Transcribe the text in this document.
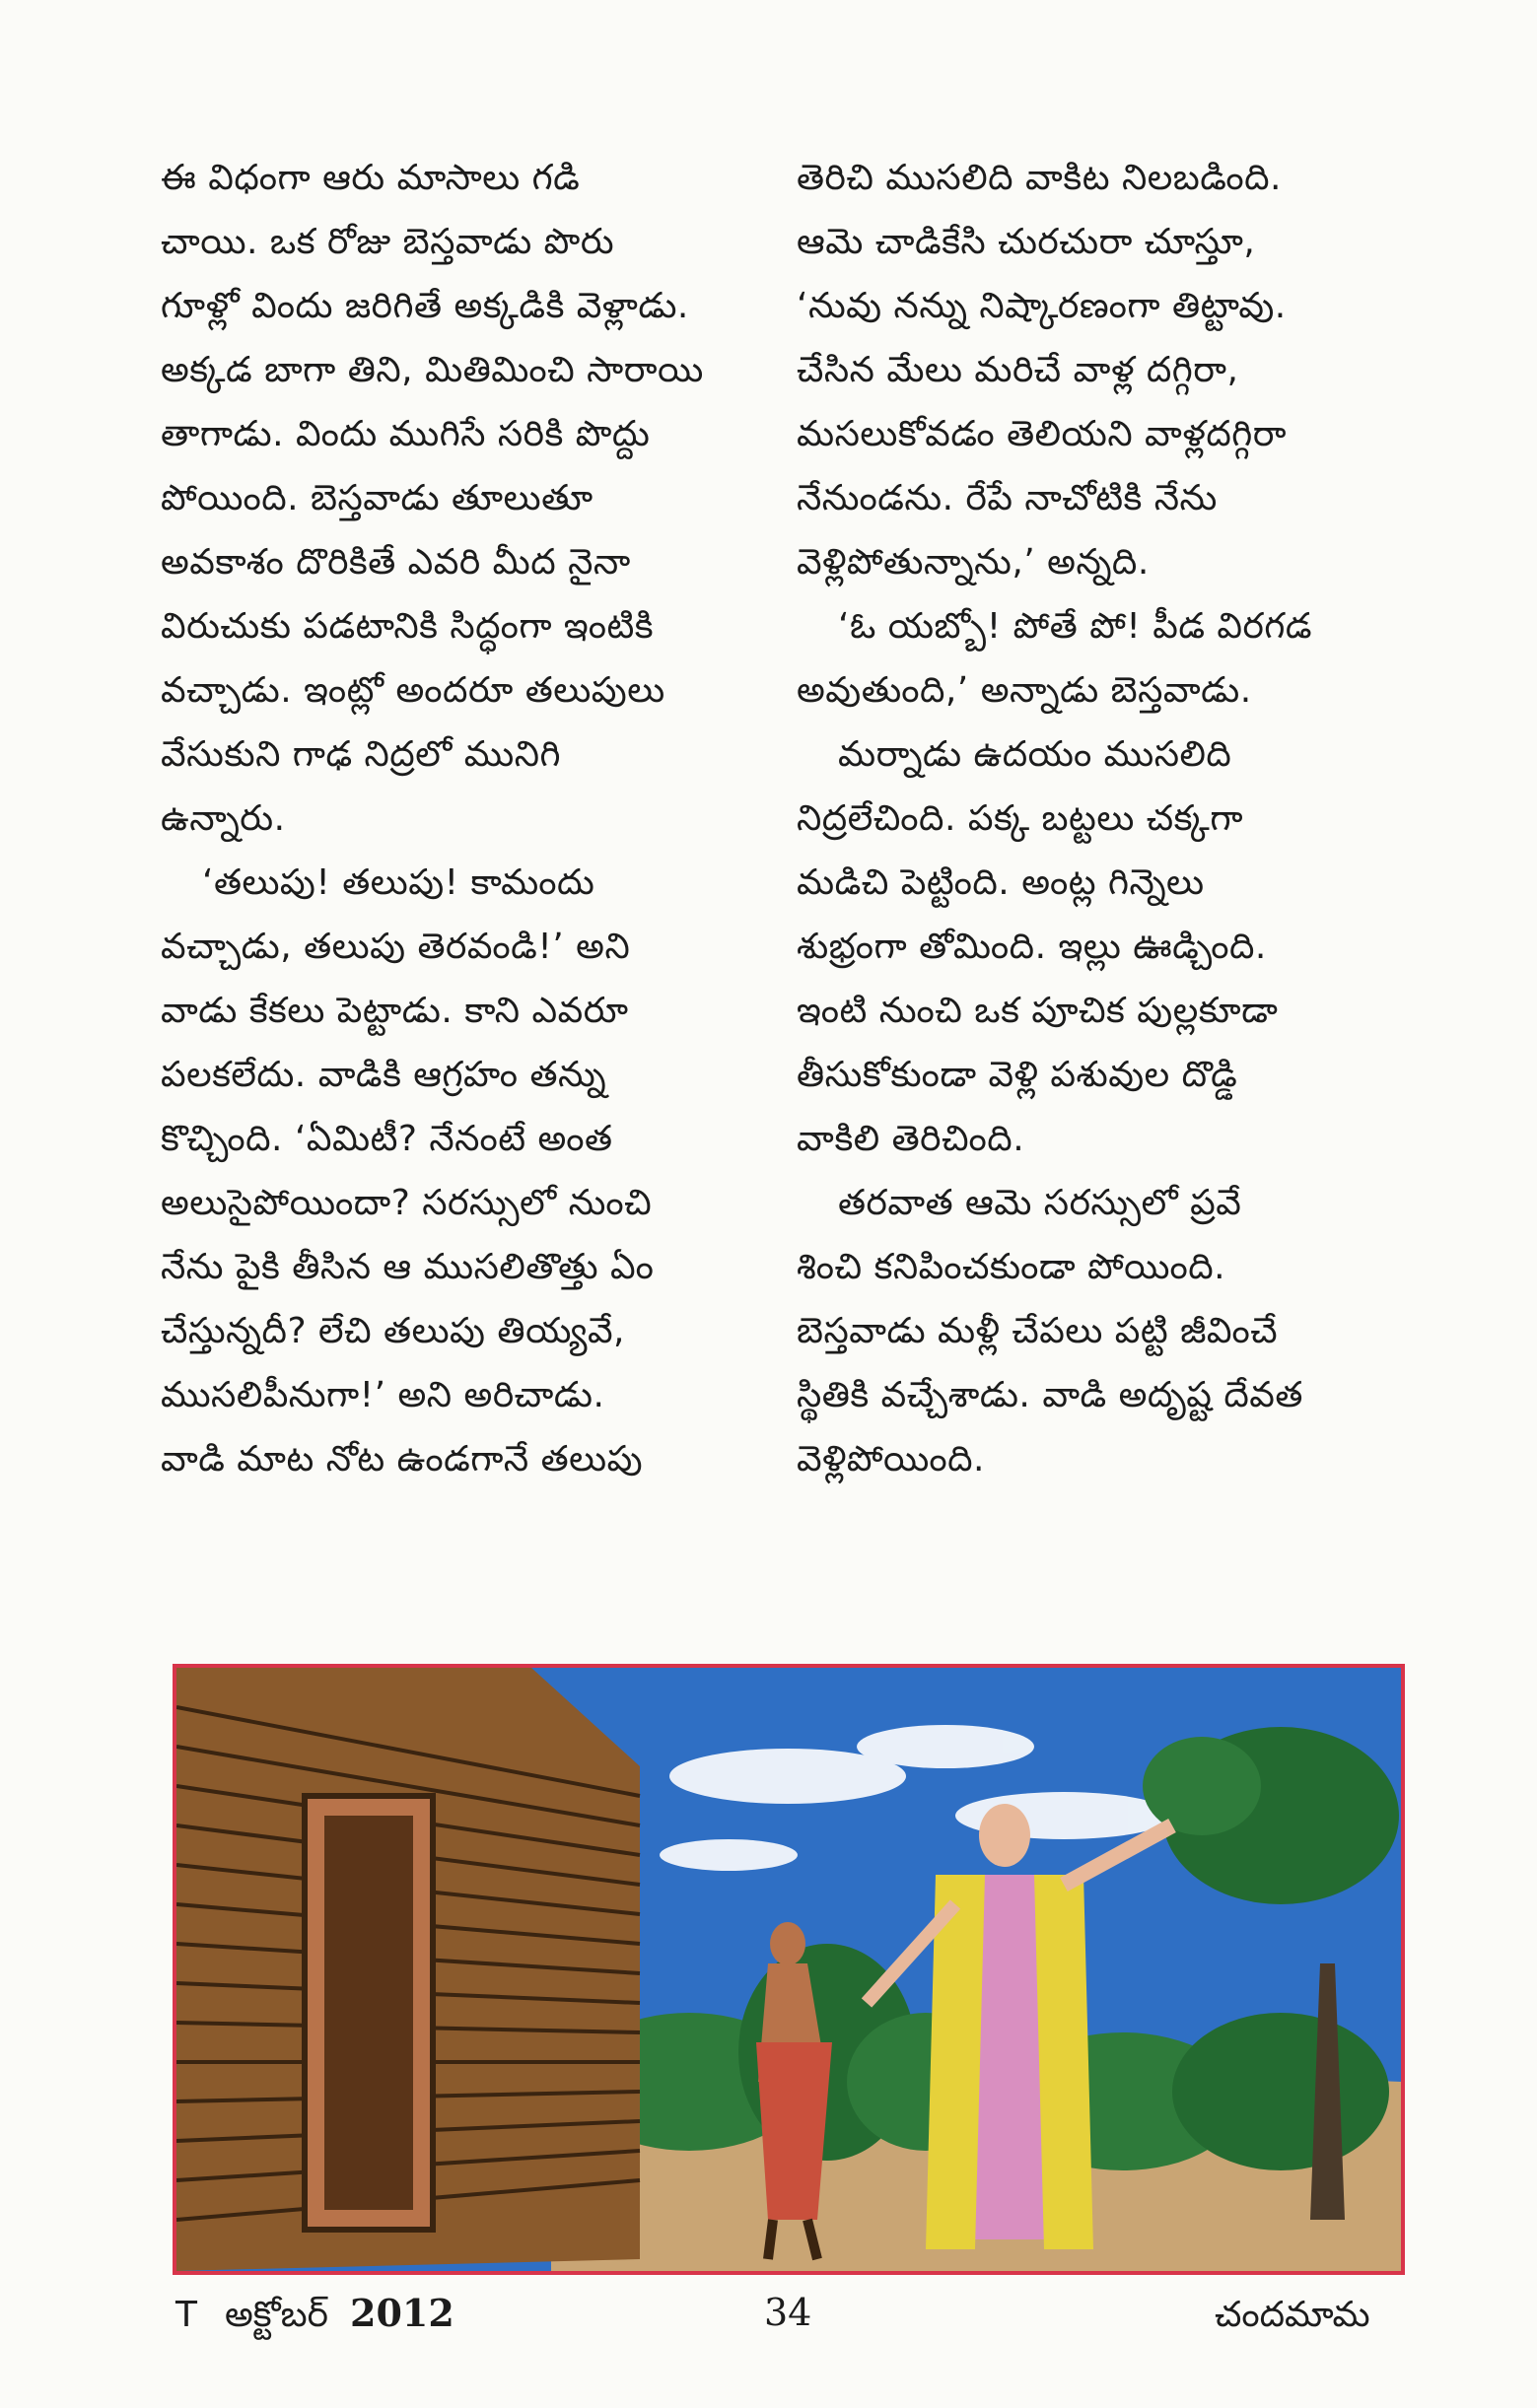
ఈ విధంగా ఆరు మాసాలు గడి
చాయి. ఒక రోజు బెస్తవాడు పొరు
గూళ్లో విందు జరిగితే అక్కడికి వెళ్లాడు.
అక్కడ బాగా తిని, మితిమించి సారాయి
తాగాడు. విందు ముగిసే సరికి పొద్దు
పోయింది. బెస్తవాడు తూలుతూ
అవకాశం దొరికితే ఎవరి మీద నైనా
విరుచుకు పడటానికి సిద్ధంగా ఇంటికి
వచ్చాడు. ఇంట్లో అందరూ తలుపులు
వేసుకుని గాఢ నిద్రలో మునిగి
ఉన్నారు.
‘తలుపు! తలుపు! కామందు
వచ్చాడు, తలుపు తెరవండి!’ అని
వాడు కేకలు పెట్టాడు. కాని ఎవరూ
పలకలేదు. వాడికి ఆగ్రహం తన్ను
కొచ్చింది. ‘ఏమిటీ? నేనంటే అంత
అలుసైపోయిందా? సరస్సులో నుంచి
నేను పైకి తీసిన ఆ ముసలితొత్తు ఏం
చేస్తున్నదీ? లేచి తలుపు తియ్యవే,
ముసలిపీనుగా!’ అని అరిచాడు.
వాడి మాట నోట ఉండగానే తలుపు
తెరిచి ముసలిది వాకిట నిలబడింది.
ఆమె చాడికేసి చురచురా చూస్తూ,
‘నువు నన్ను నిష్కారణంగా తిట్టావు.
చేసిన మేలు మరిచే వాళ్ల దగ్గిరా,
మసలుకోవడం తెలియని వాళ్లదగ్గిరా
నేనుండను. రేపే నాచోటికి నేను
వెళ్లిపోతున్నాను,’ అన్నది.
‘ఓ యబ్బో! పోతే పో! పీడ విరగడ
అవుతుంది,’ అన్నాడు బెస్తవాడు.
మర్నాడు ఉదయం ముసలిది
నిద్రలేచింది. పక్క బట్టలు చక్కగా
మడిచి పెట్టింది. అంట్ల గిన్నెలు
శుభ్రంగా తోమింది. ఇల్లు ఊడ్చింది.
ఇంటి నుంచి ఒక పూచిక పుల్లకూడా
తీసుకోకుండా వెళ్లి పశువుల దొడ్డి
వాకిలి తెరిచింది.
తరవాత ఆమె సరస్సులో ప్రవే
శించి కనిపించకుండా పోయింది.
బెస్తవాడు మళ్లీ చేపలు పట్టి జీవించే
స్థితికి వచ్చేశాడు. వాడి అదృష్ట దేవత
వెళ్లిపోయింది.
T అక్టోబర్ 2012	34	చందమామ
